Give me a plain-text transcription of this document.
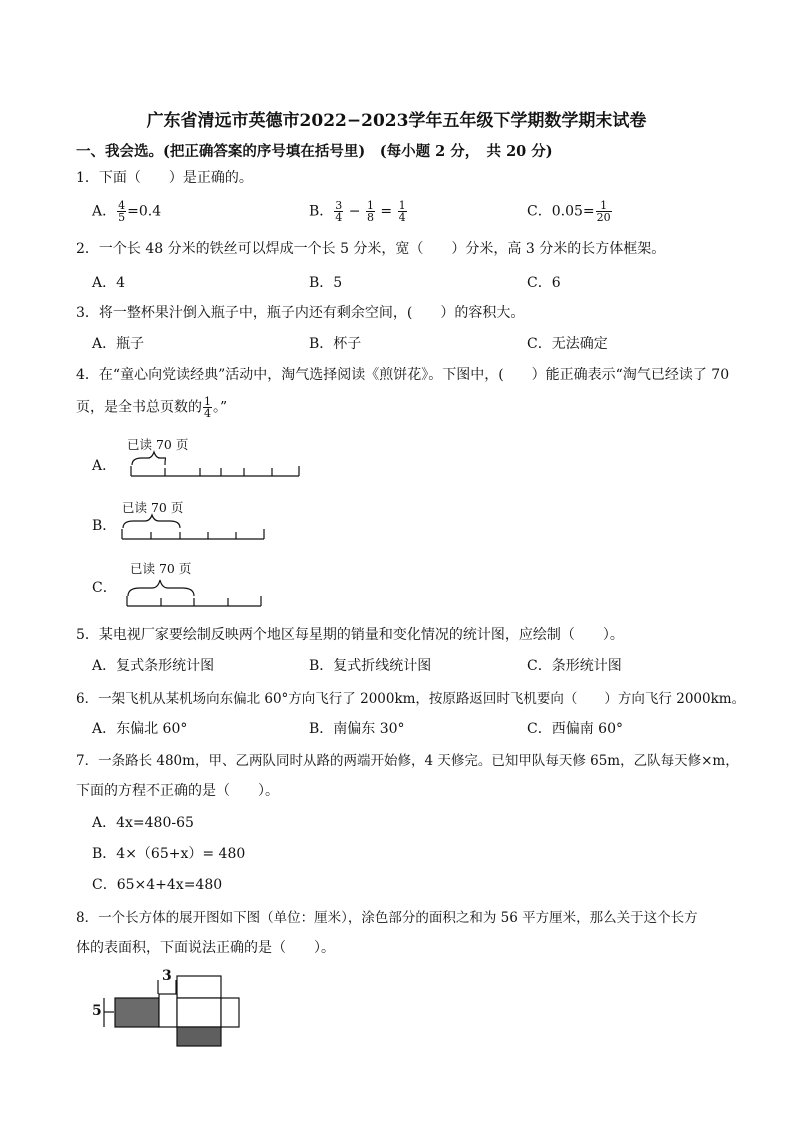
广东省清远市英德市2022−2023学年五年级下学期数学期末试卷
一、我会选。(把正确答案的序号填在括号里)　(每小题 2 分，　共 20 分)
1．下面（　　）是正确的。
A． $\frac{4}{5} =0.4$	B． $\frac{3}{4} - \frac{1}{8} = \frac{1}{4}$	C．$0.05= \frac{1}{20}$
2．一个长 48 分米的铁丝可以焊成一个长 5 分米，宽（　　）分米，高 3 分米的长方体框架。
A．4	B．5	C．6
3．将一整杯果汁倒入瓶子中，瓶子内还有剩余空间，(　　）的容积大。
A．瓶子	B．杯子	C．无法确定
4．在“童心向党读经典”活动中，淘气选择阅读《煎饼花》。下图中，(　　）能正确表示“淘气已经读了 70
页，是全书总页数的 $\frac{1}{4}$ 。”
A．
已读 70 页
B．
已读 70 页
C．
已读 70 页
5．某电视厂家要绘制反映两个地区每星期的销量和变化情况的统计图，应绘制（　　）。
A．复式条形统计图	B．复式折线统计图	C．条形统计图
6．一架飞机从某机场向东偏北 60°方向飞行了 2000km，按原路返回时飞机要向（　　）方向飞行 2000km。
A．东偏北 60°	B．南偏东 30°	C．西偏南 60°
7．一条路长 480m，甲、乙两队同时从路的两端开始修，4 天修完。已知甲队每天修 65m，乙队每天修×m，
下面的方程不正确的是（　　）。
A．4x=480-65
B．4×（65+x）= 480
C．65×4+4x=480
8．一个长方体的展开图如下图（单位：厘米），涂色部分的面积之和为 56 平方厘米，那么关于这个长方
体的表面积，下面说法正确的是（　　）。
3
5
